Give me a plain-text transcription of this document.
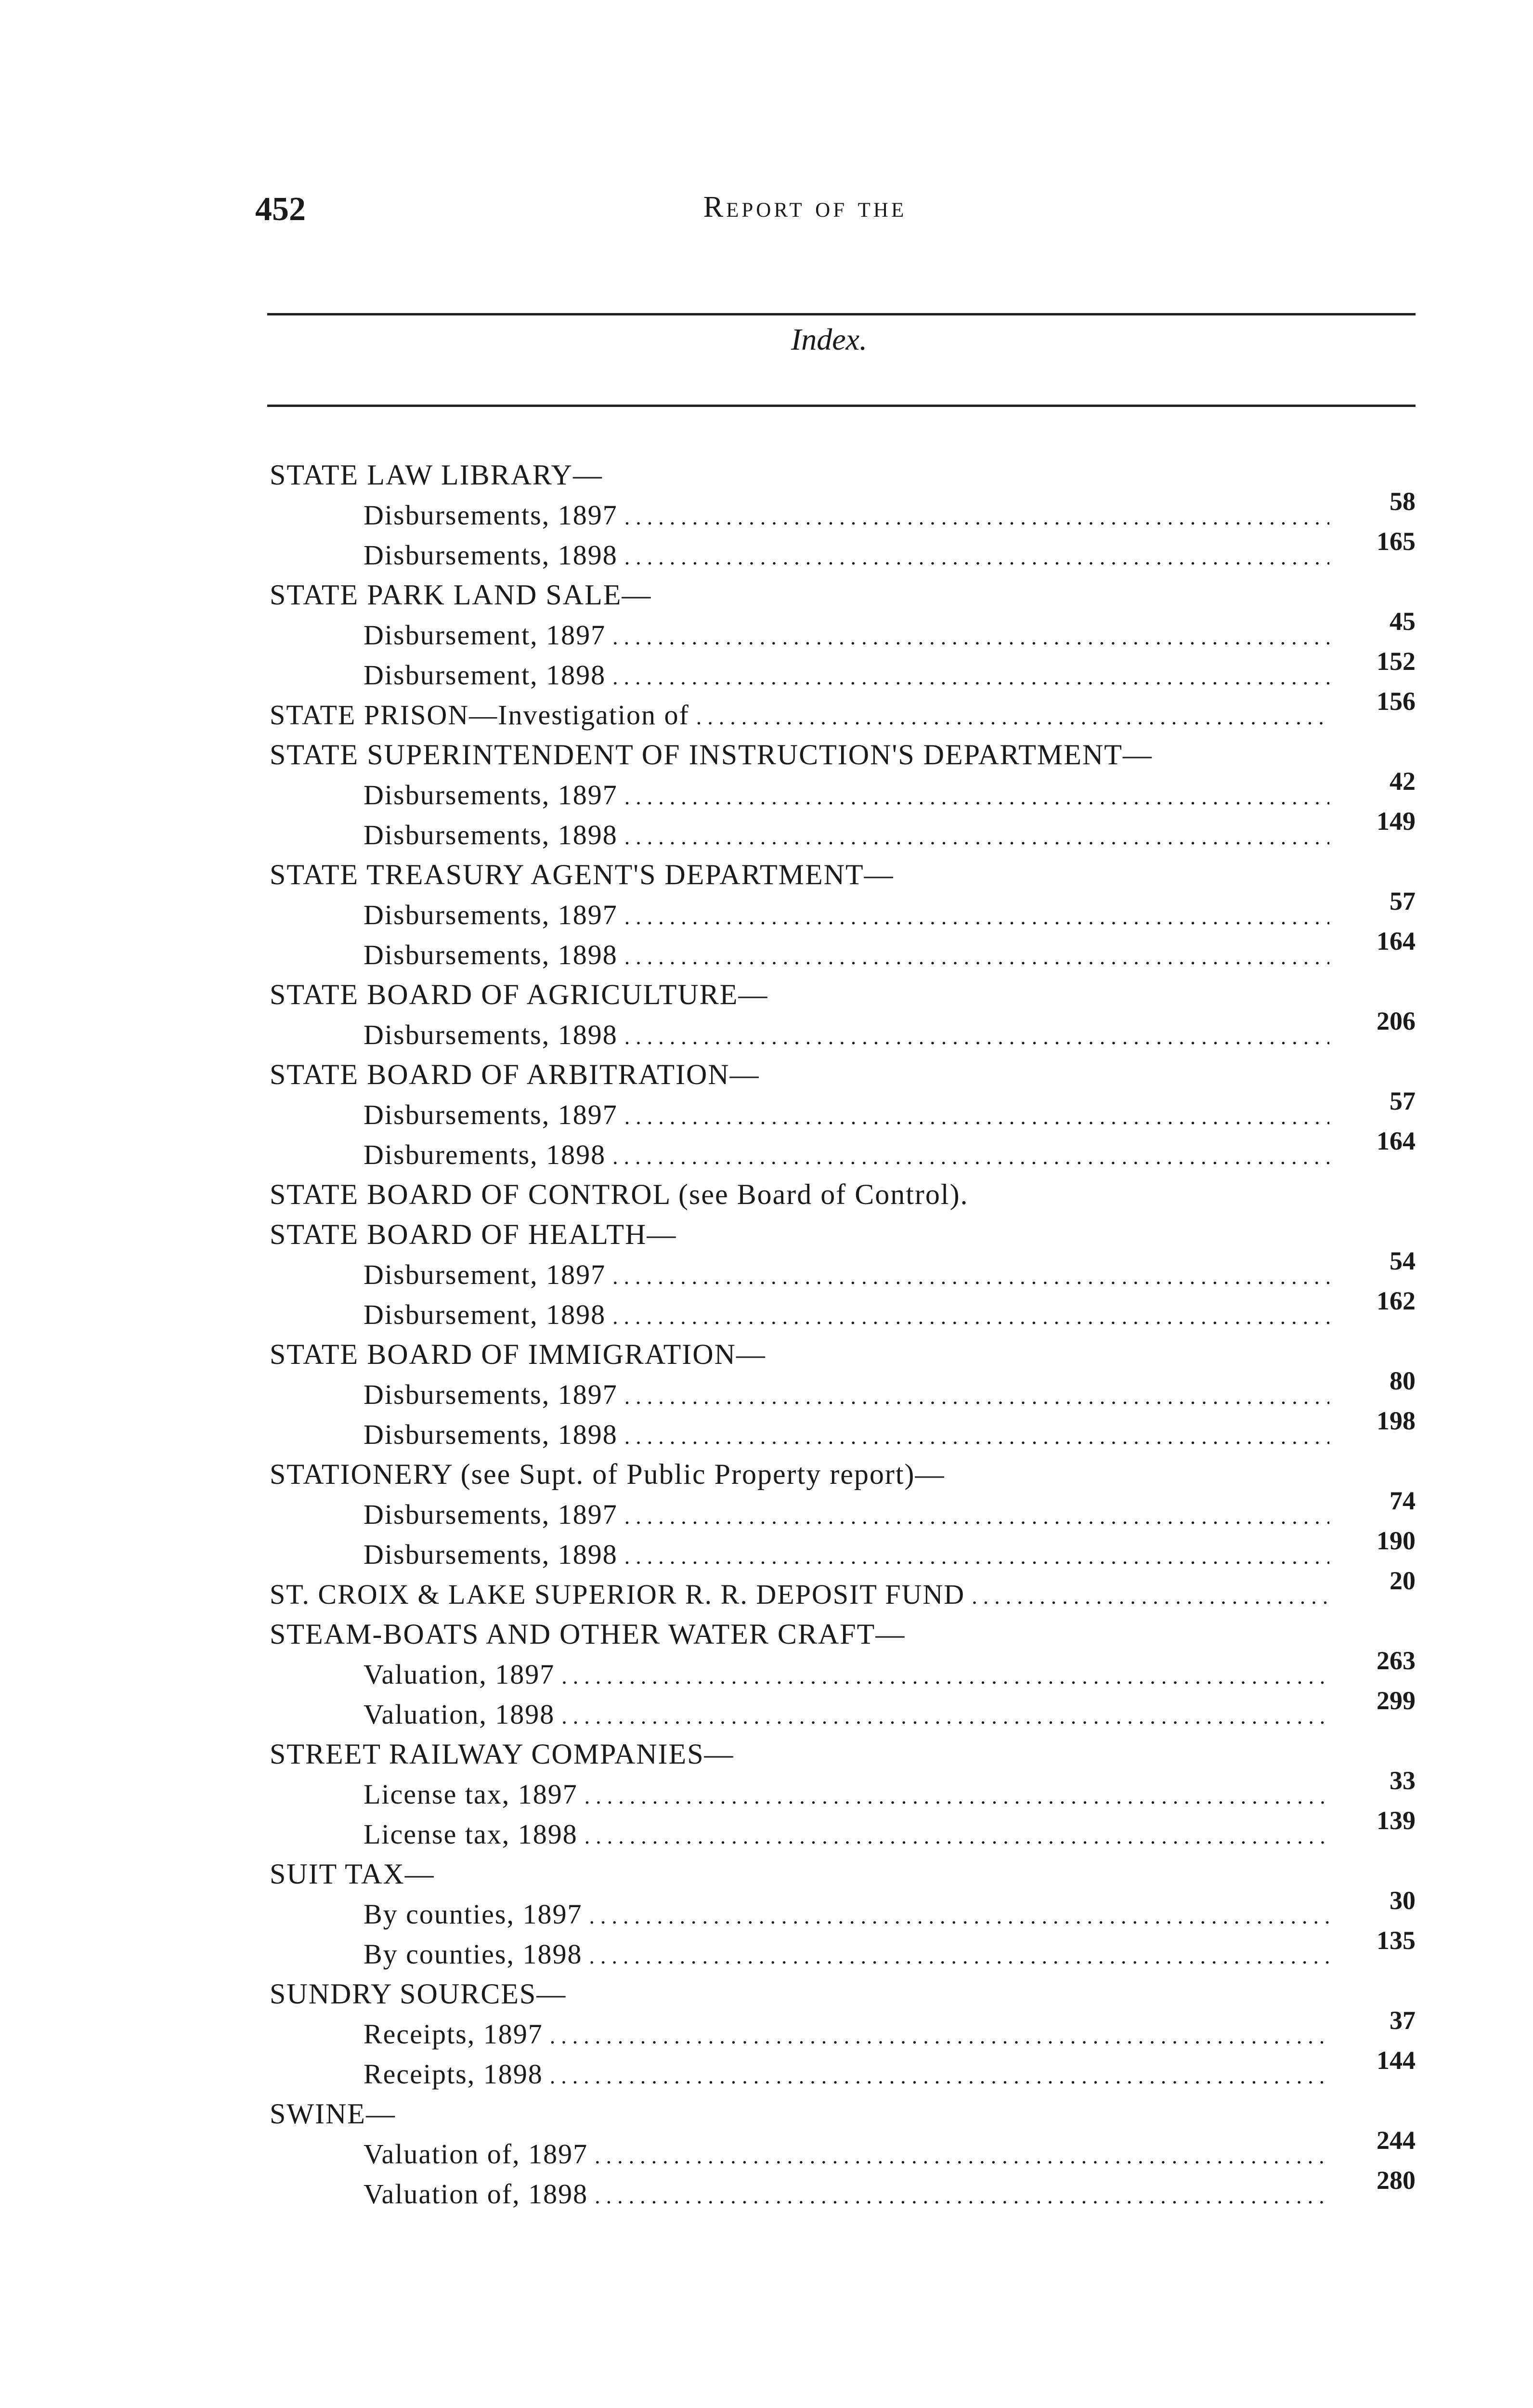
452	Report of the
Index.
STATE LAW LIBRARY—
Disbursements, 1897 .....	58
Disbursements, 1898 .....	165
STATE PARK LAND SALE—
Disbursement, 1897 .....	45
Disbursement, 1898 .....	152
STATE PRISON—Investigation of .....	156
STATE SUPERINTENDENT OF INSTRUCTION'S DEPARTMENT—
Disbursements, 1897 .....	42
Disbursements, 1898 .....	149
STATE TREASURY AGENT'S DEPARTMENT—
Disbursements, 1897 .....	57
Disbursements, 1898 .....	164
STATE BOARD OF AGRICULTURE—
Disbursements, 1898 .....	206
STATE BOARD OF ARBITRATION—
Disbursements, 1897 .....	57
Disburements, 1898 .....	164
STATE BOARD OF CONTROL (see Board of Control).
STATE BOARD OF HEALTH—
Disbursement, 1897 .....	54
Disbursement, 1898 .....	162
STATE BOARD OF IMMIGRATION—
Disbursements, 1897 .....	80
Disbursements, 1898 .....	198
STATIONERY (see Supt. of Public Property report)—
Disbursements, 1897 .....	74
Disbursements, 1898 .....	190
ST. CROIX & LAKE SUPERIOR R. R. DEPOSIT FUND .....	20
STEAM-BOATS AND OTHER WATER CRAFT—
Valuation, 1897 .....	263
Valuation, 1898 .....	299
STREET RAILWAY COMPANIES—
License tax, 1897 .....	33
License tax, 1898 .....	139
SUIT TAX—
By counties, 1897 .....	30
By counties, 1898 .....	135
SUNDRY SOURCES—
Receipts, 1897 .....	37
Receipts, 1898 .....	144
SWINE—
Valuation of, 1897 .....	244
Valuation of, 1898 .....	280
